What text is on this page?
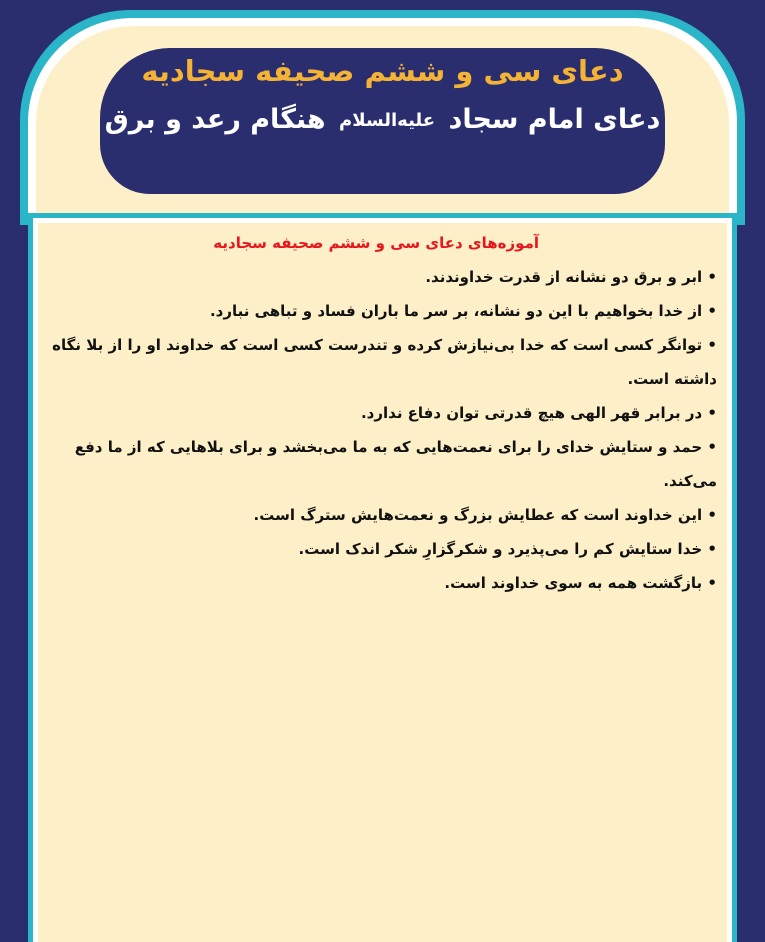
دعای سی و ششم صحیفه سجادیه
دعای امام سجاد علیه‌السلام هنگام رعد و برق
آموزه‌های دعای سی و ششم صحیفه سجادیه
• ابر و برق دو نشانه از قدرت خداوندند.
• از خدا بخواهیم با این دو نشانه، بر سر ما باران فساد و تباهی نبارد.
• توانگر کسی است که خدا بی‌نیازش کرده و تندرست کسی است که خداوند او را از بلا نگاه داشته است.
• در برابر قهر الهی هیچ قدرتی توان دفاع ندارد.
• حمد و ستایش خدای را برای نعمت‌هایی که به ما می‌بخشد و برای بلاهایی که از ما دفع می‌کند.
• این خداوند است که عطایش بزرگ و نعمت‌هایش سترگ است.
• خدا ستایش کم را می‌پذیرد و شکرگزارِ شکر اندک است.
• بازگشت همه به سوی خداوند است.
